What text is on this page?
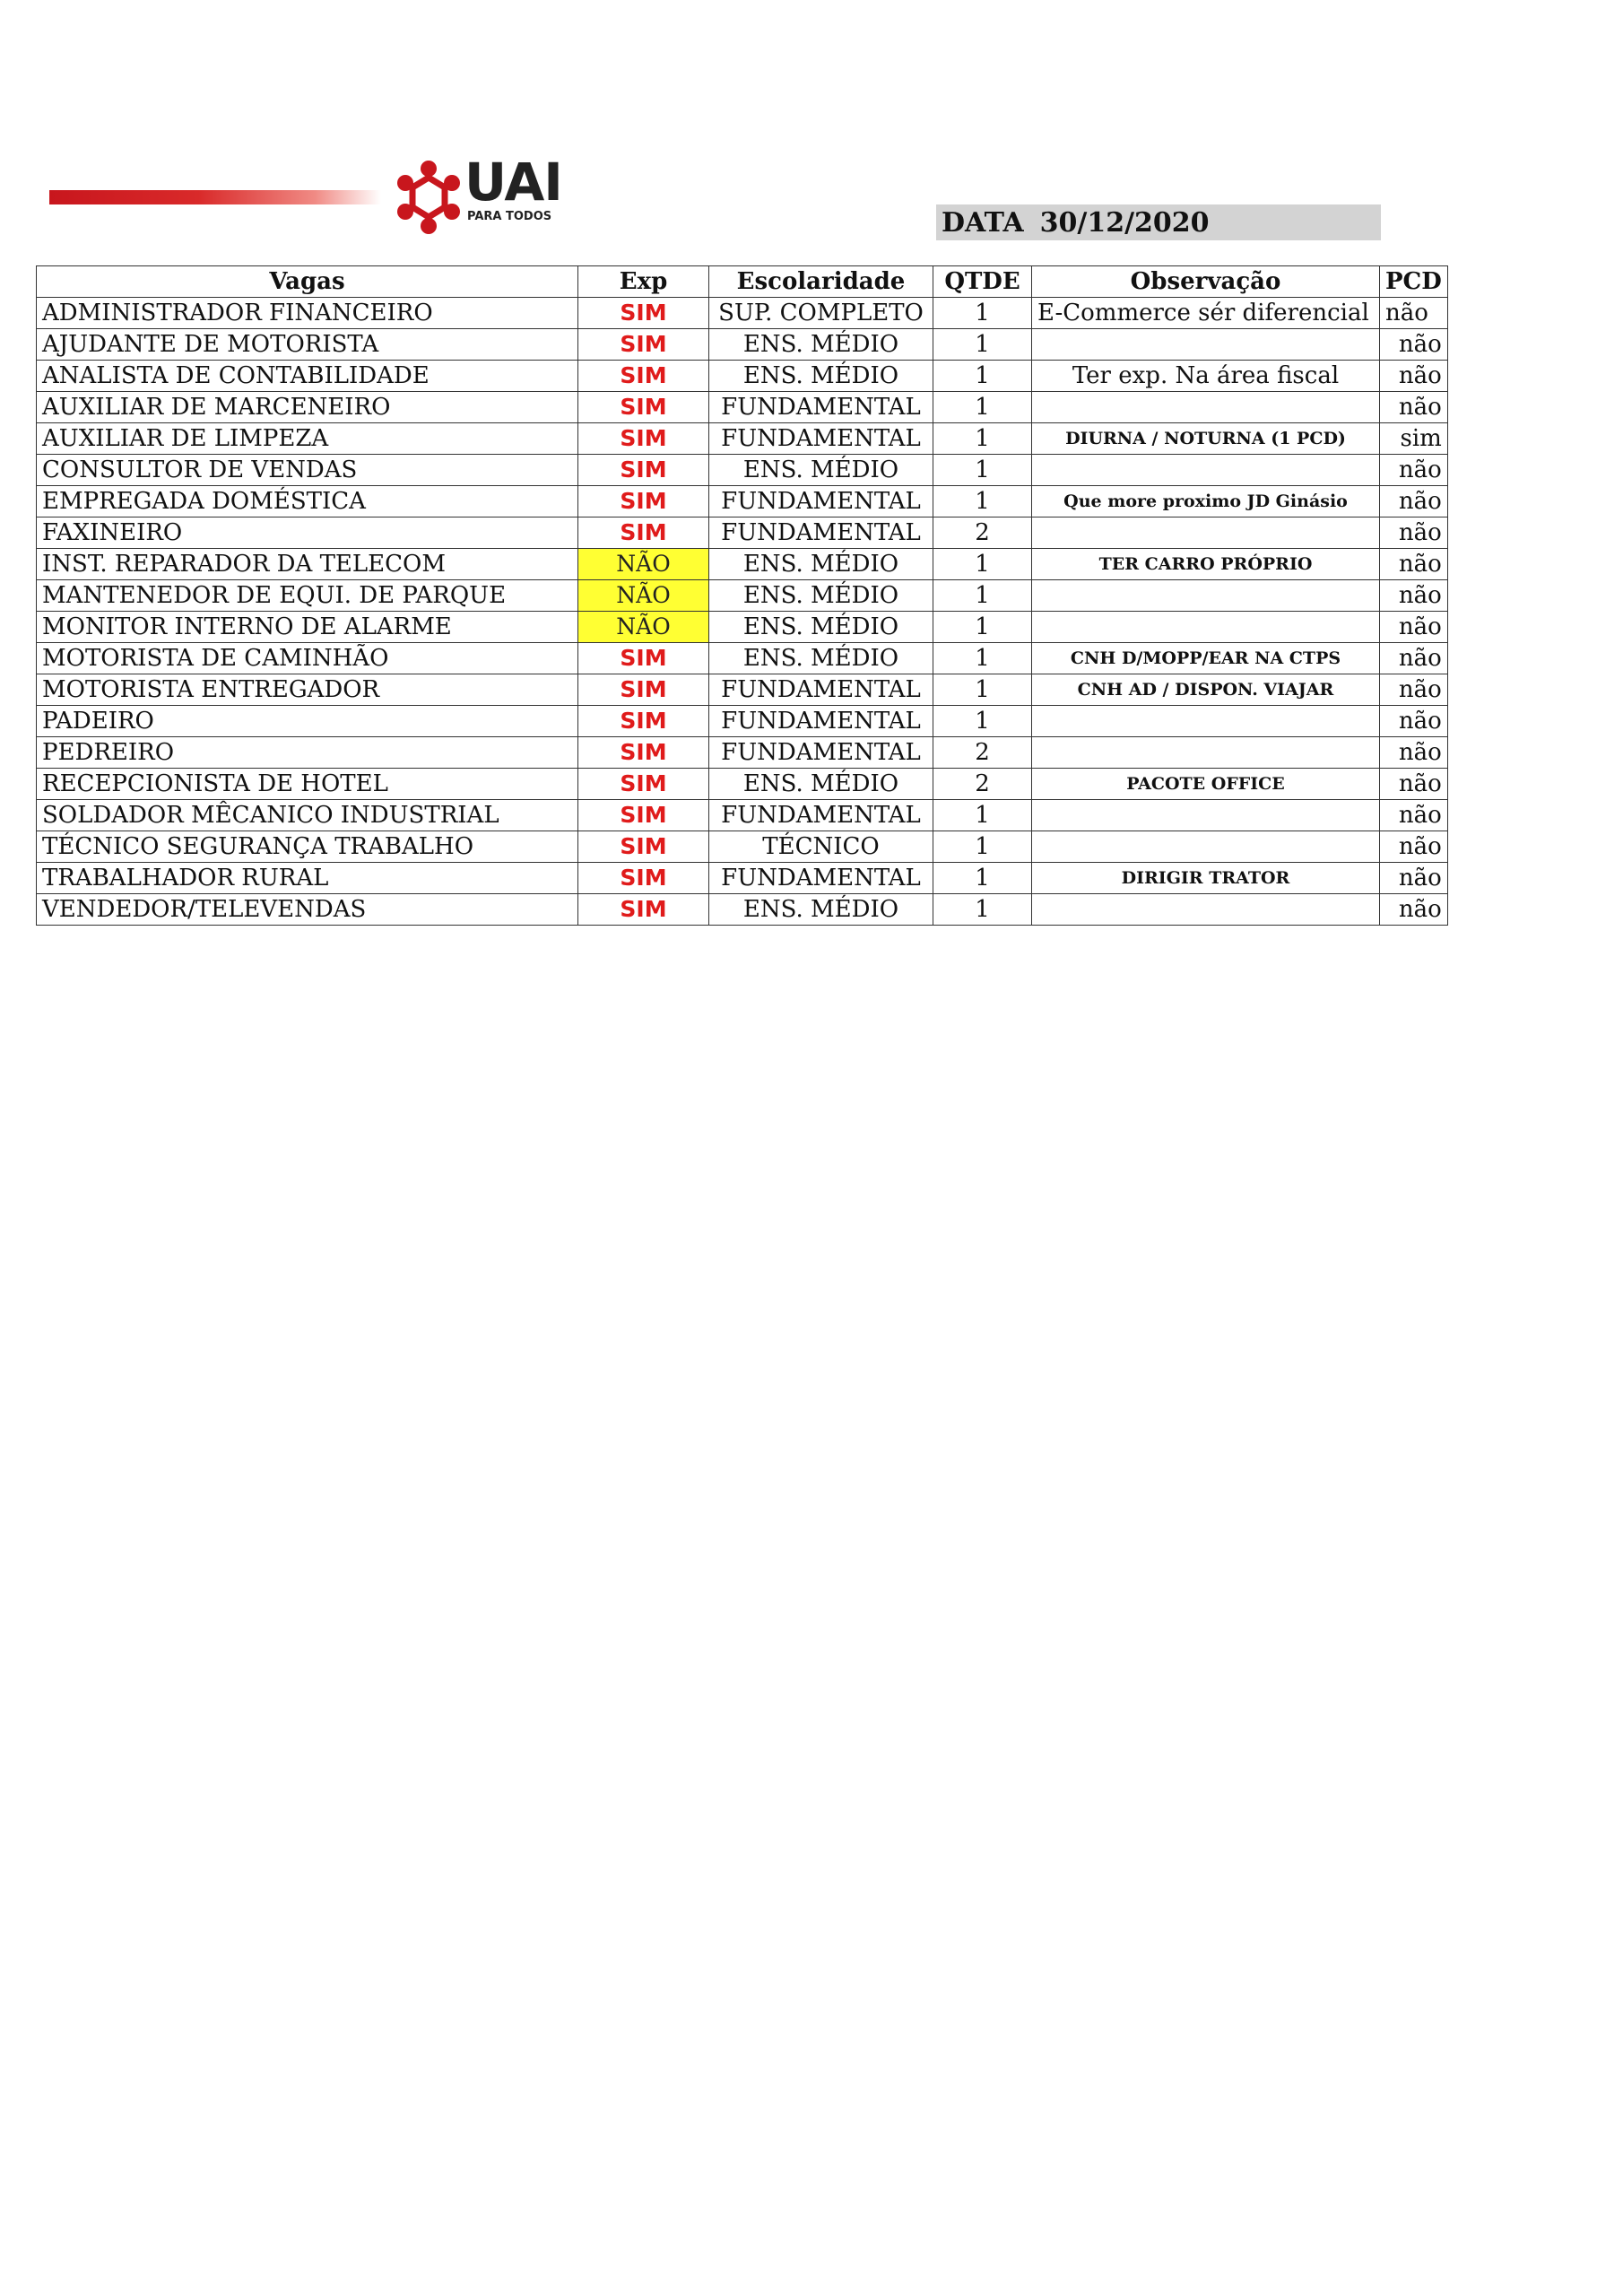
UAI
PARA TODOS	DATA 30/12/2020
Vagas	Exp	Escolaridade	QTDE	Observação	PCD
ADMINISTRADOR FINANCEIRO	SIM	SUP. COMPLETO	1	E-Commerce sér diferencial	não
AJUDANTE DE MOTORISTA	SIM	ENS. MÉDIO	1		não
ANALISTA DE CONTABILIDADE	SIM	ENS. MÉDIO	1	Ter exp. Na área fiscal	não
AUXILIAR DE MARCENEIRO	SIM	FUNDAMENTAL	1		não
AUXILIAR DE LIMPEZA	SIM	FUNDAMENTAL	1	DIURNA / NOTURNA (1 PCD)	sim
CONSULTOR DE VENDAS	SIM	ENS. MÉDIO	1		não
EMPREGADA DOMÉSTICA	SIM	FUNDAMENTAL	1	Que more proximo JD Ginásio	não
FAXINEIRO	SIM	FUNDAMENTAL	2		não
INST. REPARADOR DA TELECOM	NÃO	ENS. MÉDIO	1	TER CARRO PRÓPRIO	não
MANTENEDOR DE EQUI. DE PARQUE	NÃO	ENS. MÉDIO	1		não
MONITOR INTERNO DE ALARME	NÃO	ENS. MÉDIO	1		não
MOTORISTA DE CAMINHÃO	SIM	ENS. MÉDIO	1	CNH D/MOPP/EAR NA CTPS	não
MOTORISTA ENTREGADOR	SIM	FUNDAMENTAL	1	CNH AD / DISPON. VIAJAR	não
PADEIRO	SIM	FUNDAMENTAL	1		não
PEDREIRO	SIM	FUNDAMENTAL	2		não
RECEPCIONISTA DE HOTEL	SIM	ENS. MÉDIO	2	PACOTE OFFICE	não
SOLDADOR MÊCANICO INDUSTRIAL	SIM	FUNDAMENTAL	1		não
TÉCNICO SEGURANÇA TRABALHO	SIM	TÉCNICO	1		não
TRABALHADOR RURAL	SIM	FUNDAMENTAL	1	DIRIGIR TRATOR	não
VENDEDOR/TELEVENDAS	SIM	ENS. MÉDIO	1		não
